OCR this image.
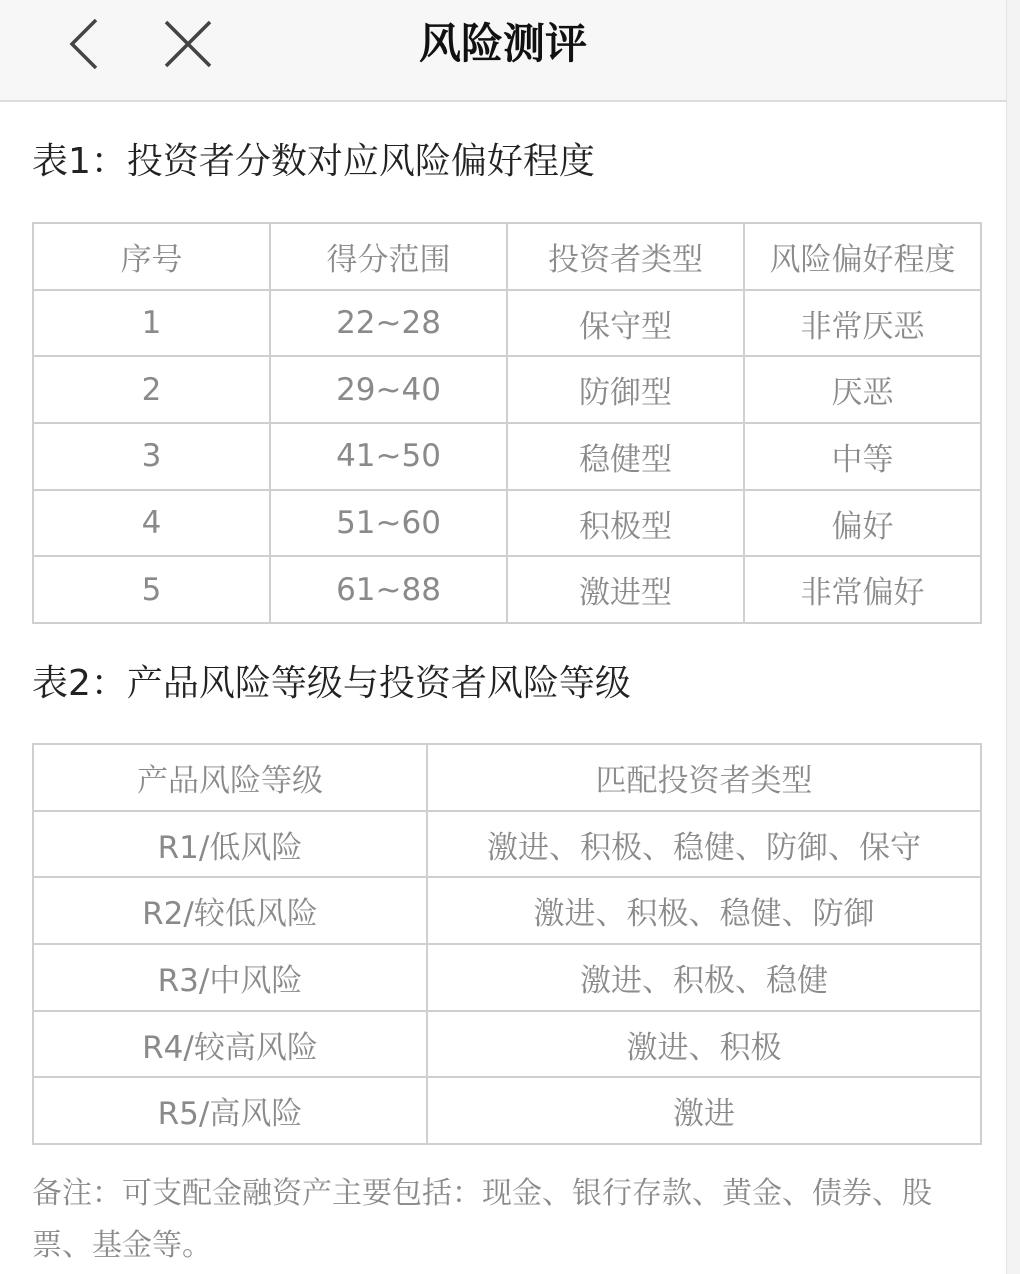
风险测评
表1：投资者分数对应风险偏好程度
序号	得分范围	投资者类型	风险偏好程度
1	22~28	保守型	非常厌恶
2	29~40	防御型	厌恶
3	41~50	稳健型	中等
4	51~60	积极型	偏好
5	61~88	激进型	非常偏好
表2：产品风险等级与投资者风险等级
产品风险等级	匹配投资者类型
R1/低风险	激进、积极、稳健、防御、保守
R2/较低风险	激进、积极、稳健、防御
R3/中风险	激进、积极、稳健
R4/较高风险	激进、积极
R5/高风险	激进
备注：可支配金融资产主要包括：现金、银行存款、黄金、债券、股票、基金等。
